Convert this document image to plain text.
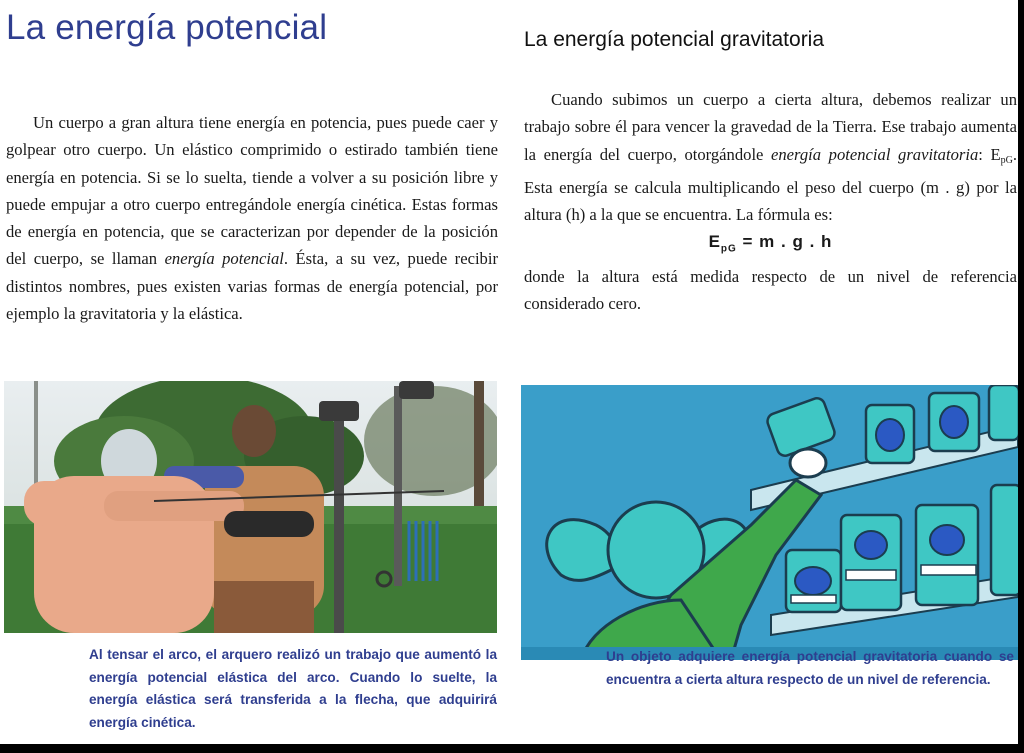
La energía potencial	La energía potencial gravitatoria

Un cuerpo a gran altura tiene energía en potencia, pues puede caer y golpear otro cuerpo. Un elástico comprimido o estirado también tiene energía en potencia. Si se lo suelta, tiende a volver a su posición libre y puede empujar a otro cuerpo entregándole energía cinética. Estas formas de energía en potencia, que se caracterizan por depender de la posición del cuerpo, se llaman energía potencial. Ésta, a su vez, puede recibir distintos nombres, pues existen varias formas de energía potencial, por ejemplo la gravitatoria y la elástica.

Cuando subimos un cuerpo a cierta altura, debemos realizar un trabajo sobre él para vencer la gravedad de la Tierra. Ese trabajo aumenta la energía del cuerpo, otorgándole energía potencial gravitatoria: EpG. Esta energía se calcula multiplicando el peso del cuerpo (m . g) por la altura (h) a la que se encuentra. La fórmula es:

$E_{pG} = m$ . g . h

donde la altura está medida respecto de un nivel de referencia considerado cero.

Al tensar el arco, el arquero realizó un trabajo que aumentó la energía potencial elástica del arco. Cuando lo suelte, la energía elástica será transferida a la flecha, que adquirirá energía cinética.
Un objeto adquiere energía potencial gravitatoria cuando se encuentra a cierta altura respecto de un nivel de referencia.
